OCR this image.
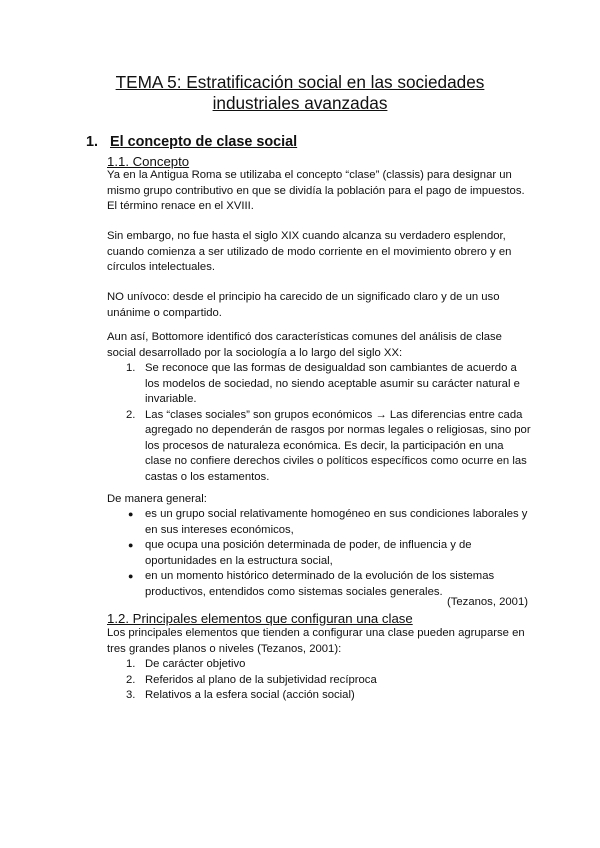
TEMA 5: Estratificación social en las sociedades
industriales avanzadas
1. El concepto de clase social
1.1. Concepto

Ya en la Antigua Roma se utilizaba el concepto “clase” (classis) para designar un mismo grupo contributivo en que se dividía la población para el pago de impuestos. El término renace en el XVIII.

Sin embargo, no fue hasta el siglo XIX cuando alcanza su verdadero esplendor, cuando comienza a ser utilizado de modo corriente en el movimiento obrero y en círculos intelectuales.

NO unívoco: desde el principio ha carecido de un significado claro y de un uso unánime o compartido.

Aun así, Bottomore identificó dos características comunes del análisis de clase social desarrollado por la sociología a lo largo del siglo XX:

1. Se reconoce que las formas de desigualdad son cambiantes de acuerdo a los modelos de sociedad, no siendo aceptable asumir su carácter natural e invariable.
2. Las “clases sociales” son grupos económicos → Las diferencias entre cada agregado no dependerán de rasgos por normas legales o religiosas, sino por los procesos de naturaleza económica. Es decir, la participación en una clase no confiere derechos civiles o políticos específicos como ocurre en las castas o los estamentos.
De manera general:
● es un grupo social relativamente homogéneo en sus condiciones laborales y en sus intereses económicos,
● que ocupa una posición determinada de poder, de influencia y de oportunidades en la estructura social,
● en un momento histórico determinado de la evolución de los sistemas productivos, entendidos como sistemas sociales generales.
(Tezanos, 2001)
1.2. Principales elementos que configuran una clase

Los principales elementos que tienden a configurar una clase pueden agruparse en tres grandes planos o niveles (Tezanos, 2001):

1. De carácter objetivo
2. Referidos al plano de la subjetividad recíproca
3. Relativos a la esfera social (acción social)
